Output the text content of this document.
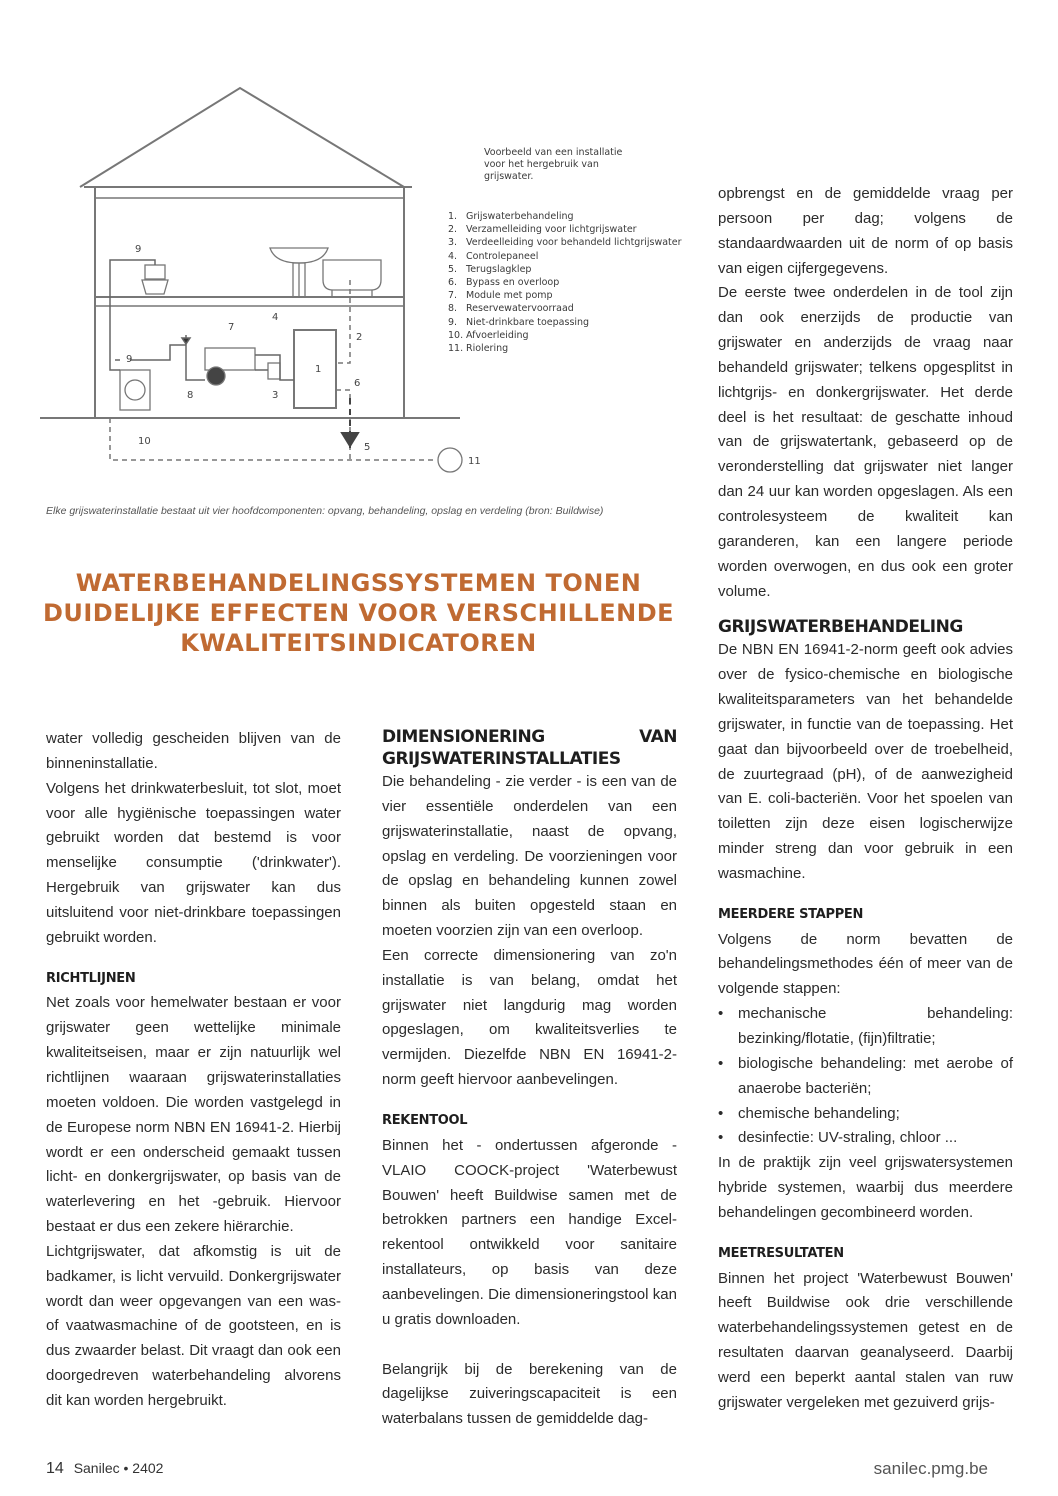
1
2
3
4
5
6
7
8
9
9
10
11
Voorbeeld van een installatie voor het hergebruik van grijswater.
1. Grijswaterbehandeling
2. Verzamelleiding voor lichtgrijswater
3. Verdeelleiding voor behandeld lichtgrijswater
4. Controlepaneel
5. Terugslagklep
6. Bypass en overloop
7. Module met pomp
8. Reservewatervoorraad
9. Niet-drinkbare toepassing
10. Afvoerleiding
11. Riolering
Elke grijswaterinstallatie bestaat uit vier hoofdcomponenten: opvang, behandeling, opslag en verdeling (bron: Buildwise)
WATERBEHANDELINGSSYSTEMEN TONEN DUIDELIJKE EFFECTEN VOOR VERSCHILLENDE KWALITEITSINDICATOREN

water volledig gescheiden blijven van de binneninstallatie.

Volgens het drinkwaterbesluit, tot slot, moet voor alle hygiënische toepassingen water gebruikt worden dat bestemd is voor menselijke consumptie ('drinkwater'). Hergebruik van grijswater kan dus uitsluitend voor niet-drinkbare toepassingen gebruikt worden.

RICHTLIJNEN

Net zoals voor hemelwater bestaan er voor grijswater geen wettelijke minimale kwaliteitseisen, maar er zijn natuurlijk wel richtlijnen waaraan grijswaterinstallaties moeten voldoen. Die worden vastgelegd in de Europese norm NBN EN 16941-2. Hierbij wordt er een onderscheid gemaakt tussen licht- en donkergrijswater, op basis van de waterlevering en het -gebruik. Hiervoor bestaat er dus een zekere hiërarchie.

Lichtgrijswater, dat afkomstig is uit de badkamer, is licht vervuild. Donkergrijswater wordt dan weer opgevangen van een was- of vaatwasmachine of de gootsteen, en is dus zwaarder belast. Dit vraagt dan ook een doorgedreven waterbehandeling alvorens dit kan worden hergebruikt.

DIMENSIONERING VAN GRIJSWATERINSTALLATIES

Die behandeling - zie verder - is een van de vier essentiële onderdelen van een grijswaterinstallatie, naast de opvang, opslag en verdeling. De voorzieningen voor de opslag en behandeling kunnen zowel binnen als buiten opgesteld staan en moeten voorzien zijn van een overloop.

Een correcte dimensionering van zo'n installatie is van belang, omdat het grijswater niet langdurig mag worden opgeslagen, om kwaliteitsverlies te vermijden. Diezelfde NBN EN 16941-2-norm geeft hiervoor aanbevelingen.

REKENTOOL

Binnen het - ondertussen afgeronde - VLAIO COOCK-project 'Waterbewust Bouwen' heeft Buildwise samen met de betrokken partners een handige Excel-rekentool ontwikkeld voor sanitaire installateurs, op basis van deze aanbevelingen. Die dimensioneringstool kan u gratis downloaden.

Belangrijk bij de berekening van de dagelijkse zuiveringscapaciteit is een waterbalans tussen de gemiddelde dag-

opbrengst en de gemiddelde vraag per persoon per dag; volgens de standaardwaarden uit de norm of op basis van eigen cijfergegevens.

De eerste twee onderdelen in de tool zijn dan ook enerzijds de productie van grijswater en anderzijds de vraag naar behandeld grijswater; telkens opgesplitst in lichtgrijs- en donkergrijswater. Het derde deel is het resultaat: de geschatte inhoud van de grijswatertank, gebaseerd op de veronderstelling dat grijswater niet langer dan 24 uur kan worden opgeslagen. Als een controlesysteem de kwaliteit kan garanderen, kan een langere periode worden overwogen, en dus ook een groter volume.

GRIJSWATERBEHANDELING

De NBN EN 16941-2-norm geeft ook advies over de fysico-chemische en biologische kwaliteitsparameters van het behandelde grijswater, in functie van de toepassing. Het gaat dan bijvoorbeeld over de troebelheid, de zuurtegraad (pH), of de aanwezigheid van E. coli-bacteriën. Voor het spoelen van toiletten zijn deze eisen logischerwijze minder streng dan voor gebruik in een wasmachine.

MEERDERE STAPPEN

Volgens de norm bevatten de behandelingsmethodes één of meer van de volgende stappen:

• mechanische behandeling: bezinking/flotatie, (fijn)filtratie;
• biologische behandeling: met aerobe of anaerobe bacteriën;
• chemische behandeling;
• desinfectie: UV-straling, chloor ...

In de praktijk zijn veel grijswatersystemen hybride systemen, waarbij dus meerdere behandelingen gecombineerd worden.

MEETRESULTATEN

Binnen het project 'Waterbewust Bouwen' heeft Buildwise ook drie verschillende waterbehandelingssystemen getest en de resultaten daarvan geanalyseerd. Daarbij werd een beperkt aantal stalen van ruw grijswater vergeleken met gezuiverd grijs-

14 Sanilec • 2402	sanilec.pmg.be
